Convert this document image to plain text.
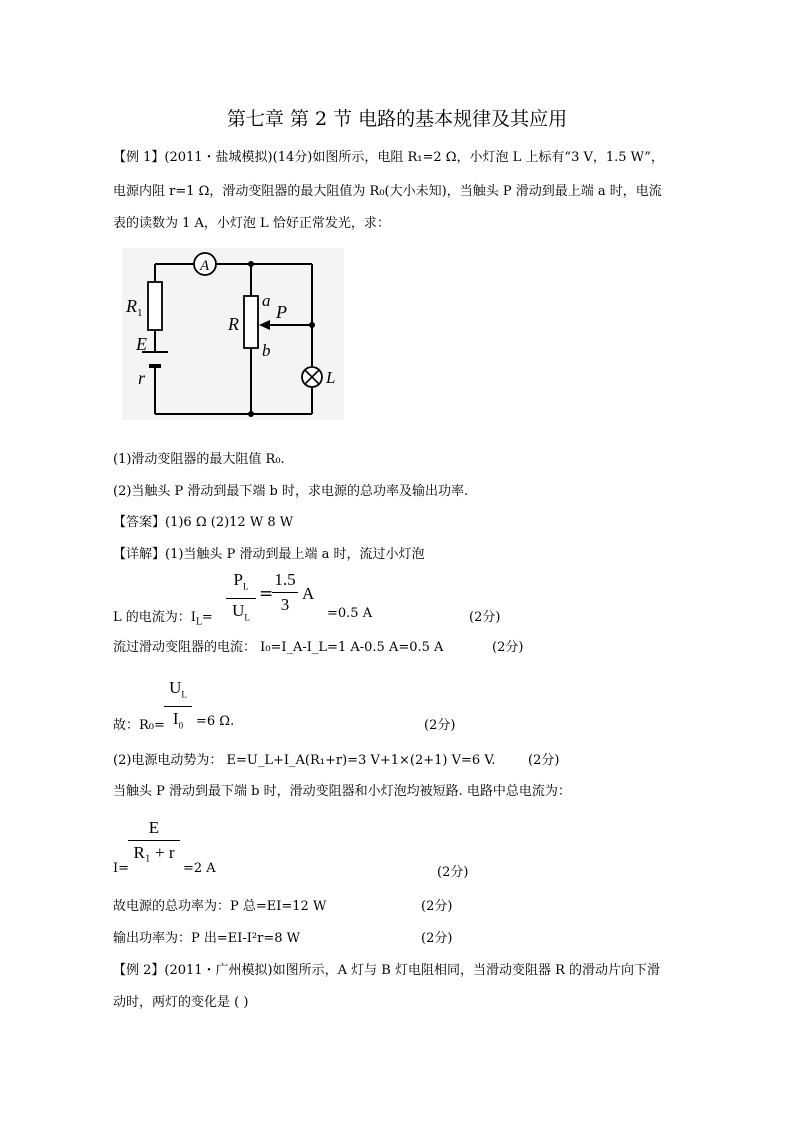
第七章 第 2 节 电路的基本规律及其应用
【例 1】(2011・盐城模拟)(14分)如图所示，电阻 R₁=2 Ω，小灯泡 L 上标有“3 V，1.5 W”，
电源内阻 r=1 Ω，滑动变阻器的最大阻值为 R₀(大小未知)，当触头 P 滑动到最上端 a 时，电流
表的读数为 1 A，小灯泡 L 恰好正常发光，求：
A
$R_1$
E
r
R
a
b
P
L
(1)滑动变阻器的最大阻值 R₀.
(2)当触头 P 滑动到最下端 b 时，求电源的总功率及输出功率.
【答案】(1)6 Ω (2)12 W 8 W
【详解】(1)当触头 P 滑动到最上端 a 时，流过小灯泡
$P_L$
$U_L$
=
1.5
3
A
L 的电流为：$I_L=$	=0.5 A	(2分)
流过滑动变阻器的电流： I₀=I_A-I_L=1 A-0.5 A=0.5 A	(2分)
$U_L$
$I_0$
故：R₀= =6 Ω.	(2分)
(2)电源电动势为： E=U_L+I_A(R₁+r)=3 V+1×(2+1) V=6 V. (2分)
当触头 P 滑动到最下端 b 时，滑动变阻器和小灯泡均被短路. 电路中总电流为：
E
R₁ + r
I=	=2 A	(2分)
故电源的总功率为：P 总=EI=12 W	(2分)
输出功率为：P 出=EI-I²r=8 W	(2分)
【例 2】(2011・广州模拟)如图所示，A 灯与 B 灯电阻相同，当滑动变阻器 R 的滑动片向下滑
动时，两灯的变化是 ( )
